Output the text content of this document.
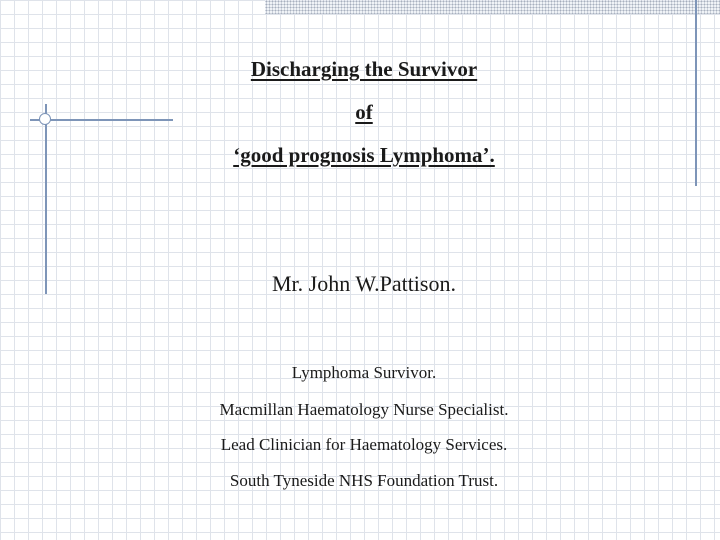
Discharging the Survivor
of
‘good prognosis Lymphoma’.
Mr. John W.Pattison.
Lymphoma Survivor.
Macmillan Haematology Nurse Specialist.
Lead Clinician for Haematology Services.
South Tyneside NHS Foundation Trust.
